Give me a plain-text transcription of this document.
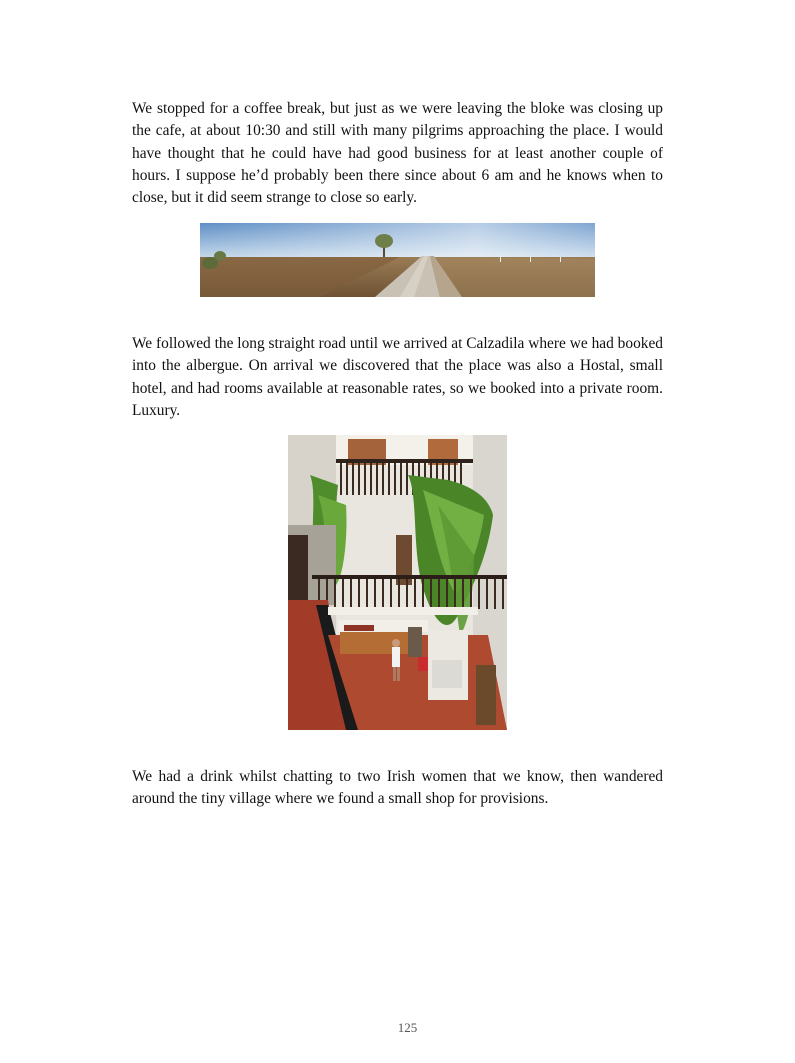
We stopped for a coffee break, but just as we were leaving the bloke was closing up the cafe, at about 10:30 and still with many pilgrims approaching the place. I would have thought that he could have had good business for at least another couple of hours. I suppose he’d probably been there since about 6 am and he knows when to close, but it did seem strange to close so early.

We followed the long straight road until we arrived at Calzadila where we had booked into the albergue. On arrival we discovered that the place was also a Hostal, small hotel, and had rooms available at reasonable rates, so we booked into a private room. Luxury.

We had a drink whilst chatting to two Irish women that we know, then wandered around the tiny village where we found a small shop for provisions.

125
